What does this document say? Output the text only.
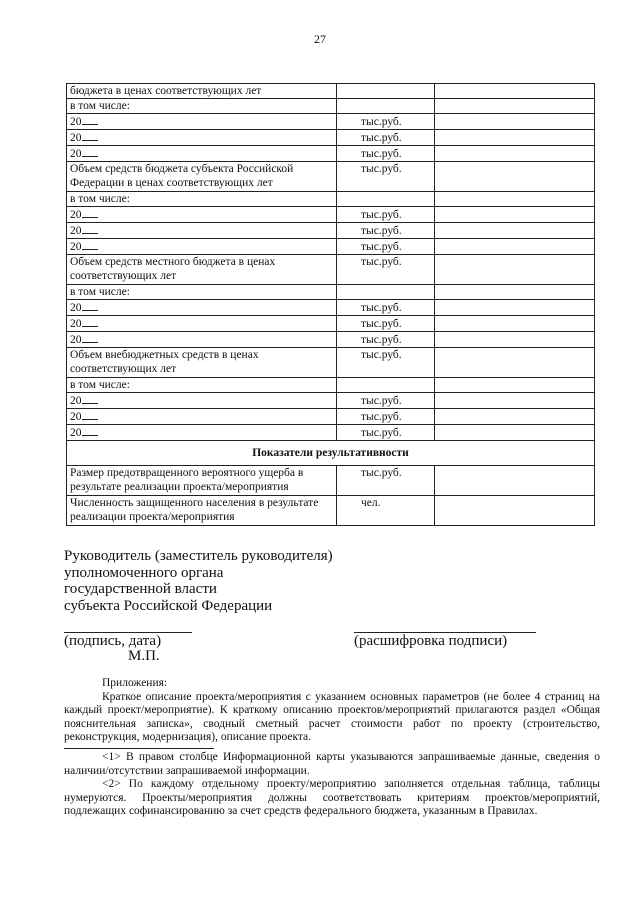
27
бюджета в ценах соответствующих лет		
в том числе:		
20	тыс.руб.	
20	тыс.руб.	
20	тыс.руб.	
Объем средств бюджета субъекта Российской Федерации в ценах соответствующих лет	тыс.руб.	
в том числе:		
20	тыс.руб.	
20	тыс.руб.	
20	тыс.руб.	
Объем средств местного бюджета в ценах соответствующих лет	тыс.руб.	
в том числе:		
20	тыс.руб.	
20	тыс.руб.	
20	тыс.руб.	
Объем внебюджетных средств в ценах соответствующих лет	тыс.руб.	
в том числе:		
20	тыс.руб.	
20	тыс.руб.	
20	тыс.руб.	
Показатели результативности		
Размер предотвращенного вероятного ущерба в результате реализации проекта/мероприятия	тыс.руб.	
Численность защищенного населения в результате реализации проекта/мероприятия	чел.	
Руководитель (заместитель руководителя)
уполномоченного органа
государственной власти
субъекта Российской Федерации
(подпись, дата)
М.П.
(расшифровка подписи)

Приложения:

Краткое описание проекта/мероприятия с указанием основных параметров (не более 4 страниц на каждый проект/мероприятие). К краткому описанию проектов/мероприятий прилагаются раздел «Общая пояснительная записка», сводный сметный расчет стоимости работ по проекту (строительство, реконструкция, модернизация), описание проекта.

<1> В правом столбце Информационной карты указываются запрашиваемые данные, сведения о наличии/отсутствии запрашиваемой информации.

<2> По каждому отдельному проекту/мероприятию заполняется отдельная таблица, таблицы нумеруются. Проекты/мероприятия должны соответствовать критериям проектов/мероприятий, подлежащих софинансированию за счет средств федерального бюджета, указанным в Правилах.
